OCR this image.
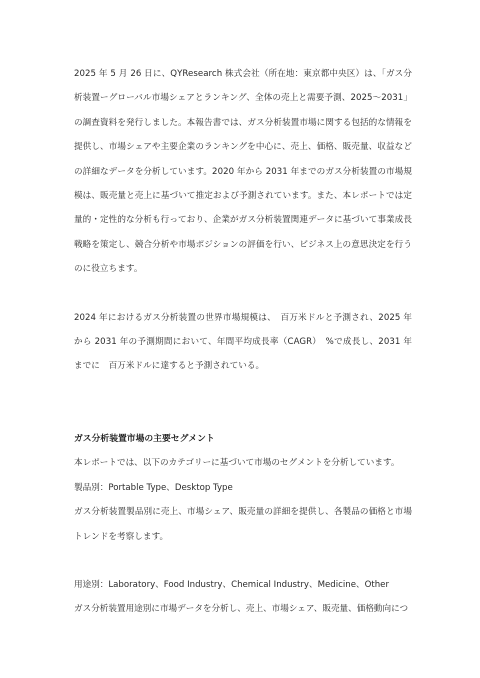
2025 年 5 月 26 日に、QYResearch 株式会社（所在地：東京都中央区）は、「ガス分析装置ーグローバル市場シェアとランキング、全体の売上と需要予測、2025～2031」の調査資料を発行しました。本報告書では、ガス分析装置市場に関する包括的な情報を提供し、市場シェアや主要企業のランキングを中心に、売上、価格、販売量、収益などの詳細なデータを分析しています。2020 年から 2031 年までのガス分析装置の市場規模は、販売量と売上に基づいて推定および予測されています。また、本レポートでは定量的・定性的な分析も行っており、企業がガス分析装置関連データに基づいて事業成長戦略を策定し、競合分析や市場ポジションの評価を行い、ビジネス上の意思決定を行うのに役立ちます。

2024 年におけるガス分析装置の世界市場規模は、　百万米ドルと予測され、2025 年から 2031 年の予測期間において、年間平均成長率（CAGR）　%で成長し、2031 年までに　百万米ドルに達すると予測されている。

ガス分析装置市場の主要セグメント

本レポートでは、以下のカテゴリーに基づいて市場のセグメントを分析しています。

製品別：Portable Type、Desktop Type

ガス分析装置製品別に売上、市場シェア、販売量の詳細を提供し、各製品の価格と市場トレンドを考察します。

用途別：Laboratory、Food Industry、Chemical Industry、Medicine、Other

ガス分析装置用途別に市場データを分析し、売上、市場シェア、販売量、価格動向につ
